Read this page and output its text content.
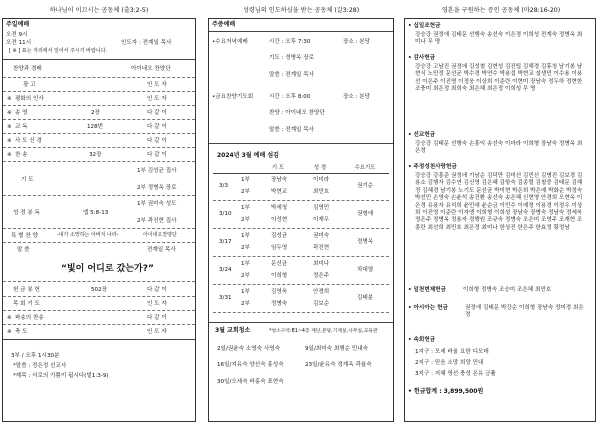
하나님이 이끄시는 공동체 (출3:2-5)
주일예배
오전 9시
오전 11시	인도자 : 전계일 목사
[ ※ ] 표는 자리에서 일어서 주시기 바랍니다.
찬양과 경배	아이네오 찬양단
광 고	인 도 자
※ 평화의 인사	인 도 자
※ 송 영	2장	다 같 이
※ 교 독	128번	다 같 이
※ 사 도 신 경	다 같 이
※ 찬 송	32장	다 같 이
기 도
1부 김성균 집사
2부 정병옥 장로
성 경 봉 독	엡 5:8-13
1부 권미숙 성도
2부 곽진현 집사
특 별 찬 양	-내가 소망하는 아버지 나라-	아이네오찬양단
말 씀	전계일 목사
“빛이 어디로 갔는가?”
헌 금 봉 헌	502장	다 같 이
목 회 기 도	인 도 자
※ 파송의 찬송	다 같 이
※ 축 도	인 도 자
3부 / 오후 1시30분
*말씀 : 정은정 선교사
*제목 : 서로의 기쁨이 됩시다(빌1:3-9)
성령님의 인도하심을 받는 공동체 (갈3:28)
주중예배
•수요저녁예배	시간 : 오후 7:30	장소 : 본당
기도 : 정병옥 장로
말씀 : 전계일 목사
•금요찬양기도회	시간 : 오후 8:00	장소 : 본당
찬양 : 아이네오 찬양단
말씀 : 전계일 목사
2024년 3월 예배 섬김
		기 도	성 경	수요기도
3/3
1부	장남숙	이미라
2부	박현교	최민호
권기순
3/10
1부	박세청	김영민
2부	이성현	이재우
권형애
3/17
1부	김성균	권미숙
2부	임두영	곽진현
정병옥
3/24
1부	문선균	최미나
2부	이희형	정은주
차대열
3/31
1부	김영욱	안경희
2부	정병숙	김보순
김태분
3월 교회청소	*청소구역:B1~4층 계단,본당,기계실,사무실,교육관
2일/권윤숙 소영숙 사영숙	9일/최미숙 최행순 민내숙
16일/지유숙 양선숙 홍성숙	23일/윤유숙 정재옥 곽율숙
30일/오세숙 바홍숙 표현숙
영혼을 구원하는 증인 공동체 (마28:16-20)
• 십일조헌금
강승강 권정애 김태문 선행숙 송선숙 이은경 이희성 전계숙 정병옥 최미나 무 명
• 감사헌금
강승강 고남진 권정애 김성철 김현성 김진팁 김해경 김휴청 남기봉 남현식 노민정 문선균 박수경 박연수 박용섭 박현교 설생민 이수용 이용선 이은주 이진명 이정웅 이상희 이준란 이현미 장남숙 정두하 정현한 조충미 최은정 최희숙 최은혜 최은정 이희성 무 명
• 선교헌금
강승강 김태문 선행숙 손흥익 송선숙 이마라 이희형 장남숙 정병옥 최은정
• 주정성천사랑헌금
강승강 강흥준 권정애 기남순 김덕만 김미선 김민선 김병진 김보경 김용소 김행자 김수연 김신영 김은혜 김항숙 김종렬 김철중 김태문 김해정 김혜경 남기봉 노기도 문선균 박미현 박은희 박은예 박화순 박정숙 박선민 손영숙 손윤석 송건환 송선숙 송은혜 신현영 안경희 오현옥 이은경 유용자 유석희 윤민애 윤순금 이민수 이예정 이용경 이정우 이상희 이진영 이준란 이자앵 이희형 이희성 장남숙 장병숙 정남숙 정세욱 정은주 정병옥 정용자 정행원 조규숙 정병숙 조은미 조영주 조재현 조흥란 최선희 최민호 최은정 최미나 한상진 한은주 한효정 황정남
• 일천번제헌금	이희형 정병숙 조승미 조은혜 최민호
• 아시아는 헌금	권정애 김태문 박강순 이희형 장남숙 정미경 최은정
• 속회헌금
1지구 : 모세 바울 요한 디모데
2지구 : 믿음 소망 희망 민내
3지구 : 지혜 영선 충성 온유 긍휼
• 헌금합계 : 3,899,500원
